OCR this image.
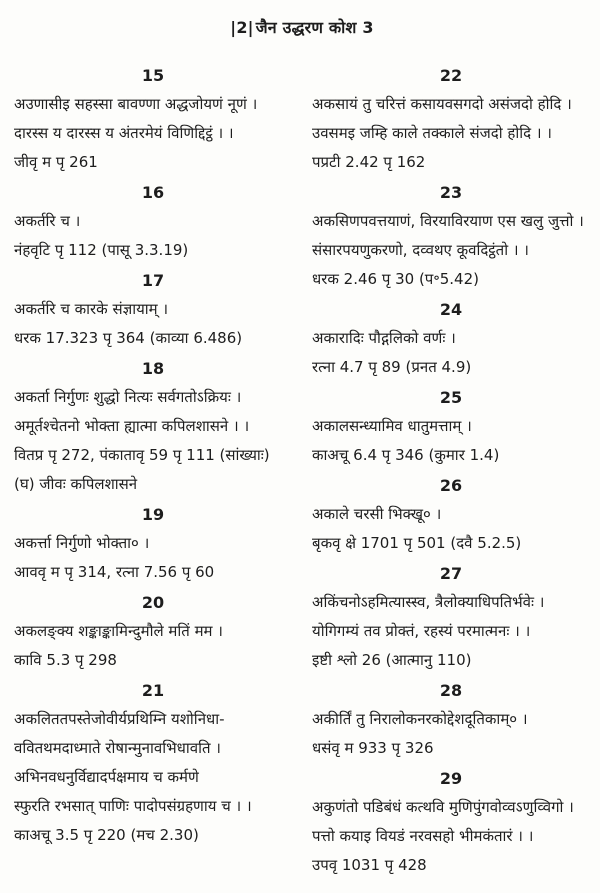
|2| जैन उद्धरण कोश 3
15
अउणासीइ सहस्सा बावण्णा अद्धजोयणं नूणं ।
दारस्स य दारस्स य अंतरमेयं विणिद्दिट्ठं । ।
जीवृ म पृ 261
16
अकर्तरि च ।
नंहवृटि पृ 112 (पासू 3.3.19)
17
अकर्तरि च कारके संज्ञायाम् ।
धरक 17.323 पृ 364 (काव्या 6.486)
18
अकर्ता निर्गुणः शुद्धो नित्यः सर्वगतोऽक्रियः ।
अमूर्तश्चेतनो भोक्ता ह्यात्मा कपिलशासने । ।
वितप्र पृ 272, पंकातावृ 59 पृ 111 (सांख्याः)
(घ) जीवः कपिलशासने
19
अकर्त्ता निर्गुणो भोक्ता० ।
आववृ म पृ 314, रत्ना 7.56 पृ 60
20
अकलङ्क्य शङ्काङ्कामिन्दुमौले मतिं मम ।
कावि 5.3 पृ 298
21
अकलिततपस्तेजोवीर्यप्रथिम्नि यशोनिधा-
ववितथमदाध्माते रोषान्मुनावभिधावति ।
अभिनवधनुर्विद्यादर्पक्षमाय च कर्मणे
स्फुरति रभसात् पाणिः पादोपसंग्रहणाय च । ।
काअचू 3.5 पृ 220 (मच 2.30)
22
अकसायं तु चरित्तं कसायवसगदो असंजदो होदि ।
उवसमइ जम्हि काले तक्काले संजदो होदि । ।
पप्रटी 2.42 पृ 162
23
अकसिणपवत्तयाणं, विरयाविरयाण एस खलु जुत्तो ।
संसारपयणुकरणो, दव्वथए कूवदिट्ठंतो । ।
धरक 2.46 पृ 30 (प॰5.42)
24
अकारादिः पौद्गलिको वर्णः ।
रत्ना 4.7 पृ 89 (प्रनत 4.9)
25
अकालसन्ध्यामिव धातुमत्ताम् ।
काअचू 6.4 पृ 346 (कुमार 1.4)
26
अकाले चरसी भिक्खू० ।
बृकवृ क्षे 1701 पृ 501 (दवै 5.2.5)
27
अकिंचनोऽहमित्यास्स्व, त्रैलोक्याधिपतिर्भवेः ।
योगिगम्यं तव प्रोक्तं, रहस्यं परमात्मनः । ।
इष्टी श्लो 26 (आत्मानु 110)
28
अकीर्तिं तु निरालोकनरकोद्देशदूतिकाम्० ।
धसंवृ म 933 पृ 326
29
अकुणंतो पडिबंधं कत्थवि मुणिपुंगवोव्वऽणुव्विगो ।
पत्तो कयाइ वियडं नरवसहो भीमकंतारं । ।
उपवृ 1031 पृ 428
